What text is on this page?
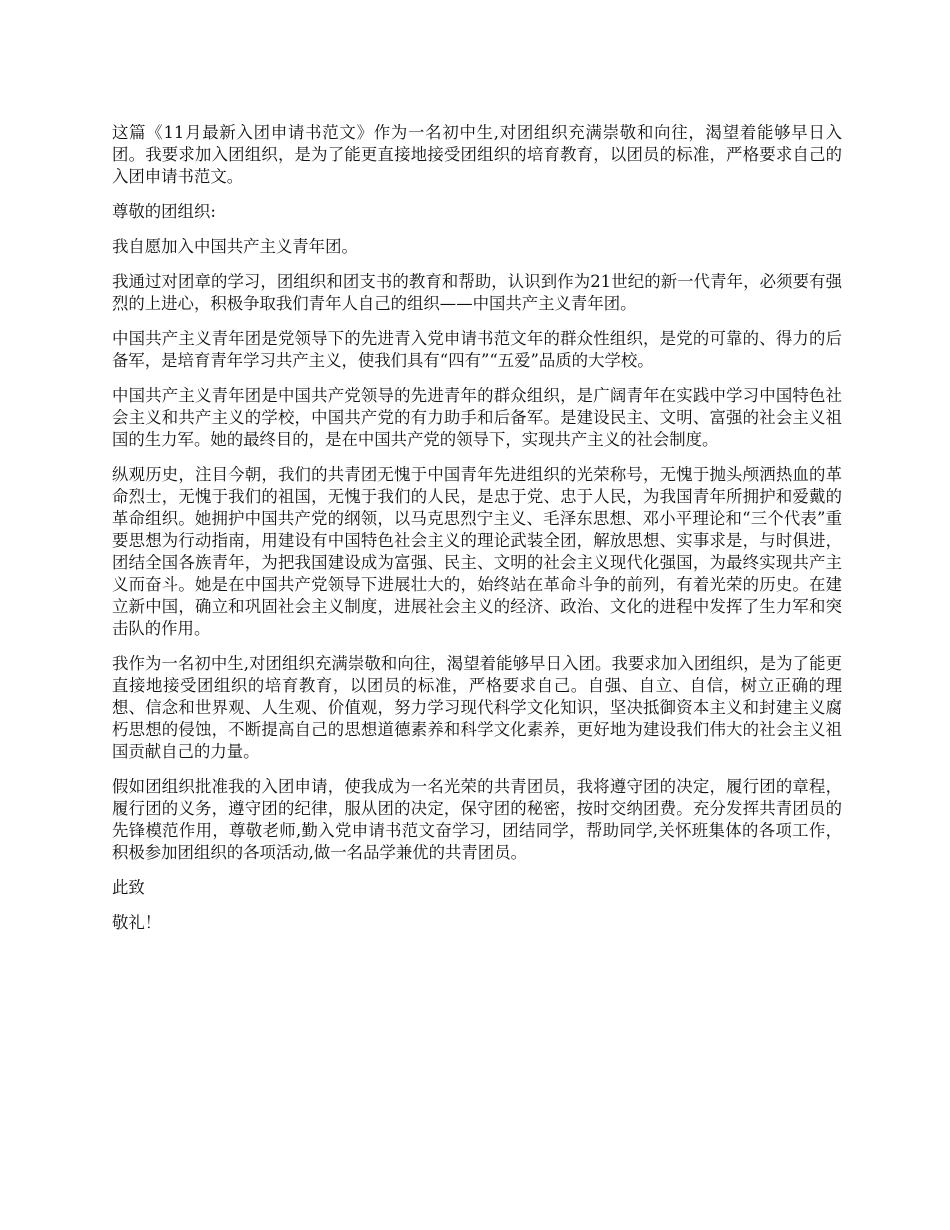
这篇《11月最新入团申请书范文》作为一名初中生,对团组织充满崇敬和向往，渴望着能够早日入团。我要求加入团组织，是为了能更直接地接受团组织的培育教育，以团员的标准，严格要求自己的入团申请书范文。

尊敬的团组织:

我自愿加入中国共产主义青年团。

我通过对团章的学习，团组织和团支书的教育和帮助，认识到作为21世纪的新一代青年，必须要有强烈的上进心，积极争取我们青年人自己的组织——中国共产主义青年团。

中国共产主义青年团是党领导下的先进青入党申请书范文年的群众性组织，是党的可靠的、得力的后备军，是培育青年学习共产主义，使我们具有“四有”“五爱”品质的大学校。

中国共产主义青年团是中国共产党领导的先进青年的群众组织，是广阔青年在实践中学习中国特色社会主义和共产主义的学校，中国共产党的有力助手和后备军。是建设民主、文明、富强的社会主义祖国的生力军。她的最终目的，是在中国共产党的领导下，实现共产主义的社会制度。

纵观历史，注目今朝，我们的共青团无愧于中国青年先进组织的光荣称号，无愧于抛头颅洒热血的革命烈士，无愧于我们的祖国，无愧于我们的人民，是忠于党、忠于人民，为我国青年所拥护和爱戴的革命组织。她拥护中国共产党的纲领，以马克思烈宁主义、毛泽东思想、邓小平理论和“三个代表”重要思想为行动指南，用建设有中国特色社会主义的理论武装全团，解放思想、实事求是，与时俱进，团结全国各族青年，为把我国建设成为富强、民主、文明的社会主义现代化强国，为最终实现共产主义而奋斗。她是在中国共产党领导下进展壮大的，始终站在革命斗争的前列，有着光荣的历史。在建立新中国，确立和巩固社会主义制度，进展社会主义的经济、政治、文化的进程中发挥了生力军和突击队的作用。

我作为一名初中生,对团组织充满崇敬和向往，渴望着能够早日入团。我要求加入团组织，是为了能更直接地接受团组织的培育教育，以团员的标准，严格要求自己。自强、自立、自信，树立正确的理想、信念和世界观、人生观、价值观，努力学习现代科学文化知识，坚决抵御资本主义和封建主义腐朽思想的侵蚀，不断提高自己的思想道德素养和科学文化素养，更好地为建设我们伟大的社会主义祖国贡献自己的力量。

假如团组织批准我的入团申请，使我成为一名光荣的共青团员，我将遵守团的决定，履行团的章程，履行团的义务，遵守团的纪律，服从团的决定，保守团的秘密，按时交纳团费。充分发挥共青团员的先锋模范作用，尊敬老师,勤入党申请书范文奋学习，团结同学，帮助同学,关怀班集体的各项工作，积极参加团组织的各项活动,做一名品学兼优的共青团员。

此致

敬礼！
